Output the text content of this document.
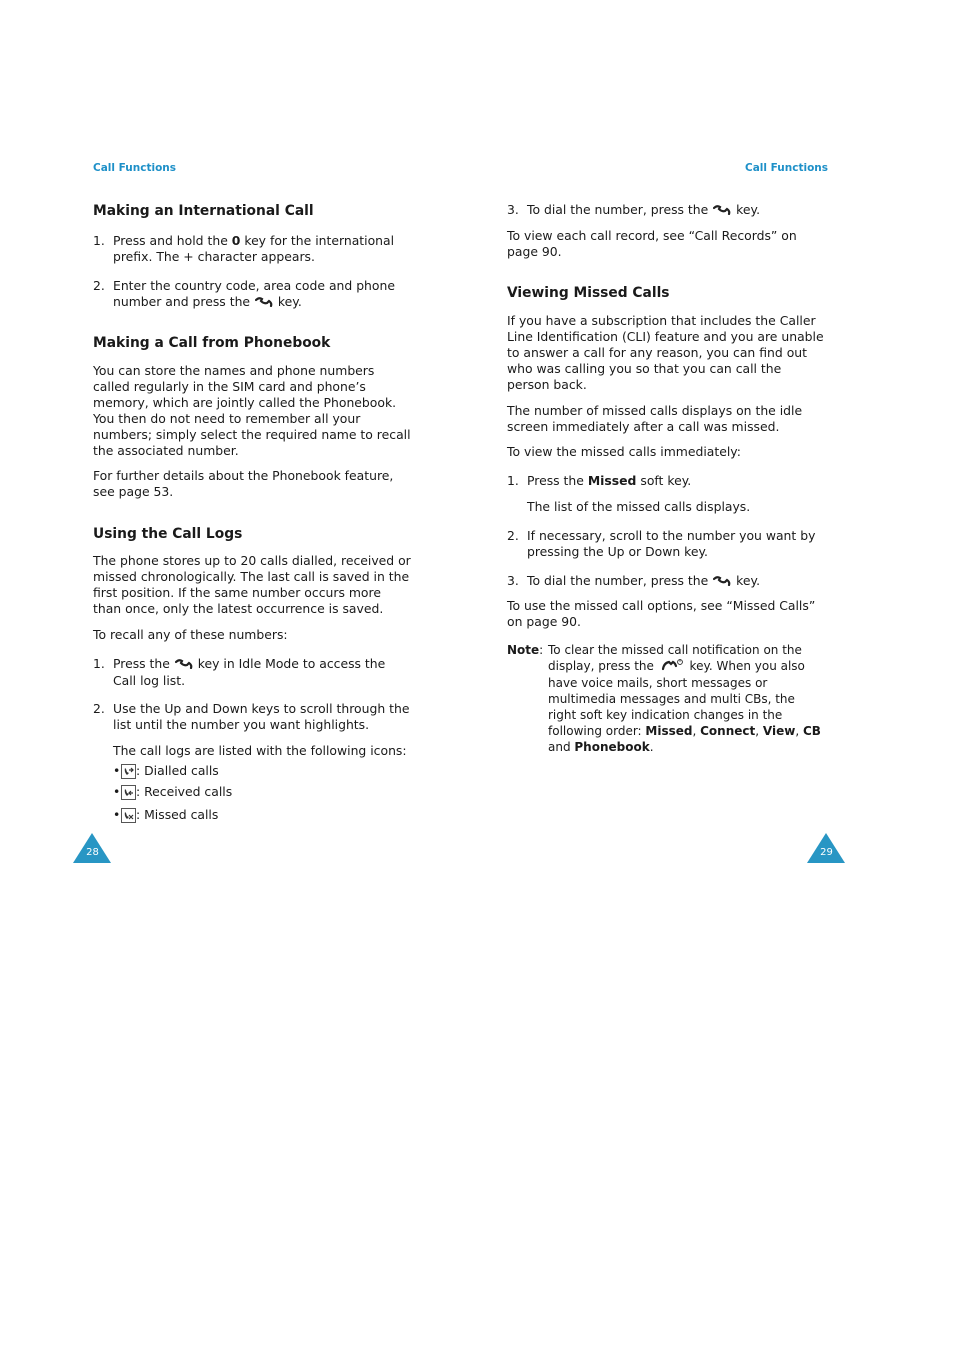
Call Functions	Call Functions
Making an International Call
1. Press and hold the 0 key for the international prefix. The + character appears.
2. Enter the country code, area code and phone number and press the  key.
Making a Call from Phonebook

You can store the names and phone numbers called regularly in the SIM card and phone’s memory, which are jointly called the Phonebook. You then do not need to remember all your numbers; simply select the required name to recall the associated number.

For further details about the Phonebook feature, see page 53.

Using the Call Logs

The phone stores up to 20 calls dialled, received or missed chronologically. The last call is saved in the first position. If the same number occurs more than once, only the latest occurrence is saved.

To recall any of these numbers:

1. Press the  key in Idle Mode to access the Call log list.
2. Use the Up and Down keys to scroll through the list until the number you want highlights.

The call logs are listed with the following icons:

• : Dialled calls
• : Received calls
• : Missed calls
3. To dial the number, press the  key.

To view each call record, see “Call Records” on page 90.

Viewing Missed Calls

If you have a subscription that includes the Caller Line Identification (CLI) feature and you are unable to answer a call for any reason, you can find out who was calling you so that you can call the person back.

The number of missed calls displays on the idle screen immediately after a call was missed.

To view the missed calls immediately:

1. Press the Missed soft key.

The list of the missed calls displays.

2. If necessary, scroll to the number you want by pressing the Up or Down key.
3. To dial the number, press the  key.

To use the missed call options, see “Missed Calls” on page 90.

Note: To clear the missed call notification on the display, press the  key. When you also have voice mails, short messages or multimedia messages and multi CBs, the right soft key indication changes in the following order: Missed, Connect, View, CB and Phonebook.
28	29
